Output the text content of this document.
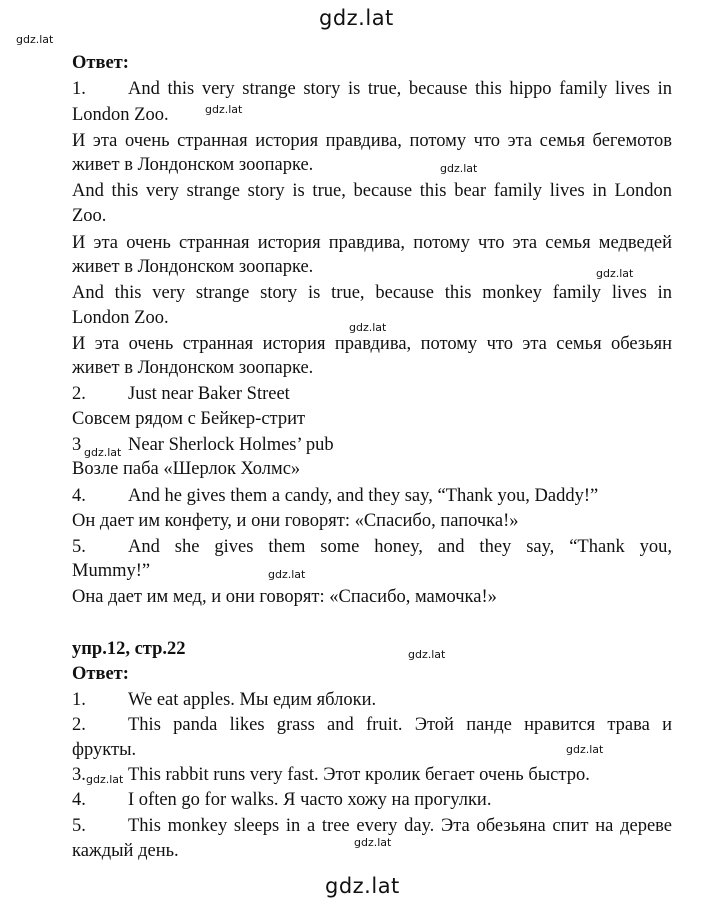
gdz.lat
gdz.lat
gdz.lat
gdz.lat
gdz.lat
gdz.lat
gdz.lat
gdz.lat
gdz.lat
gdz.lat
gdz.lat
gdz.lat
gdz.lat
Ответ:
1. And this very strange story is true, because this hippo family lives in
London Zoo.
И эта очень странная история правдива, потому что эта семья бегемотов
живет в Лондонском зоопарке.
And this very strange story is true, because this bear family lives in London
Zoo.
И эта очень странная история правдива, потому что эта семья медведей
живет в Лондонском зоопарке.
And this very strange story is true, because this monkey family lives in
London Zoo.
И эта очень странная история правдива, потому что эта семья обезьян
живет в Лондонском зоопарке.
2. Just near Baker Street
Совсем рядом с Бейкер-стрит
3	Near Sherlock Holmes’ pub
Возле паба «Шерлок Холмс»
4. And he gives them a candy, and they say, “Thank you, Daddy!”
Он дает им конфету, и они говорят: «Спасибо, папочка!»
5. And she gives them some honey, and they say, “Thank you,
Mummy!”
Она дает им мед, и они говорят: «Спасибо, мамочка!»
упр.12, стр.22
Ответ:
1. We eat apples. Мы едим яблоки.
2. This panda likes grass and fruit. Этой панде нравится трава и
фрукты.
3. This rabbit runs very fast. Этот кролик бегает очень быстро.
4. I often go for walks. Я часто хожу на прогулки.
5. This monkey sleeps in a tree every day. Эта обезьяна спит на дереве
каждый день.
